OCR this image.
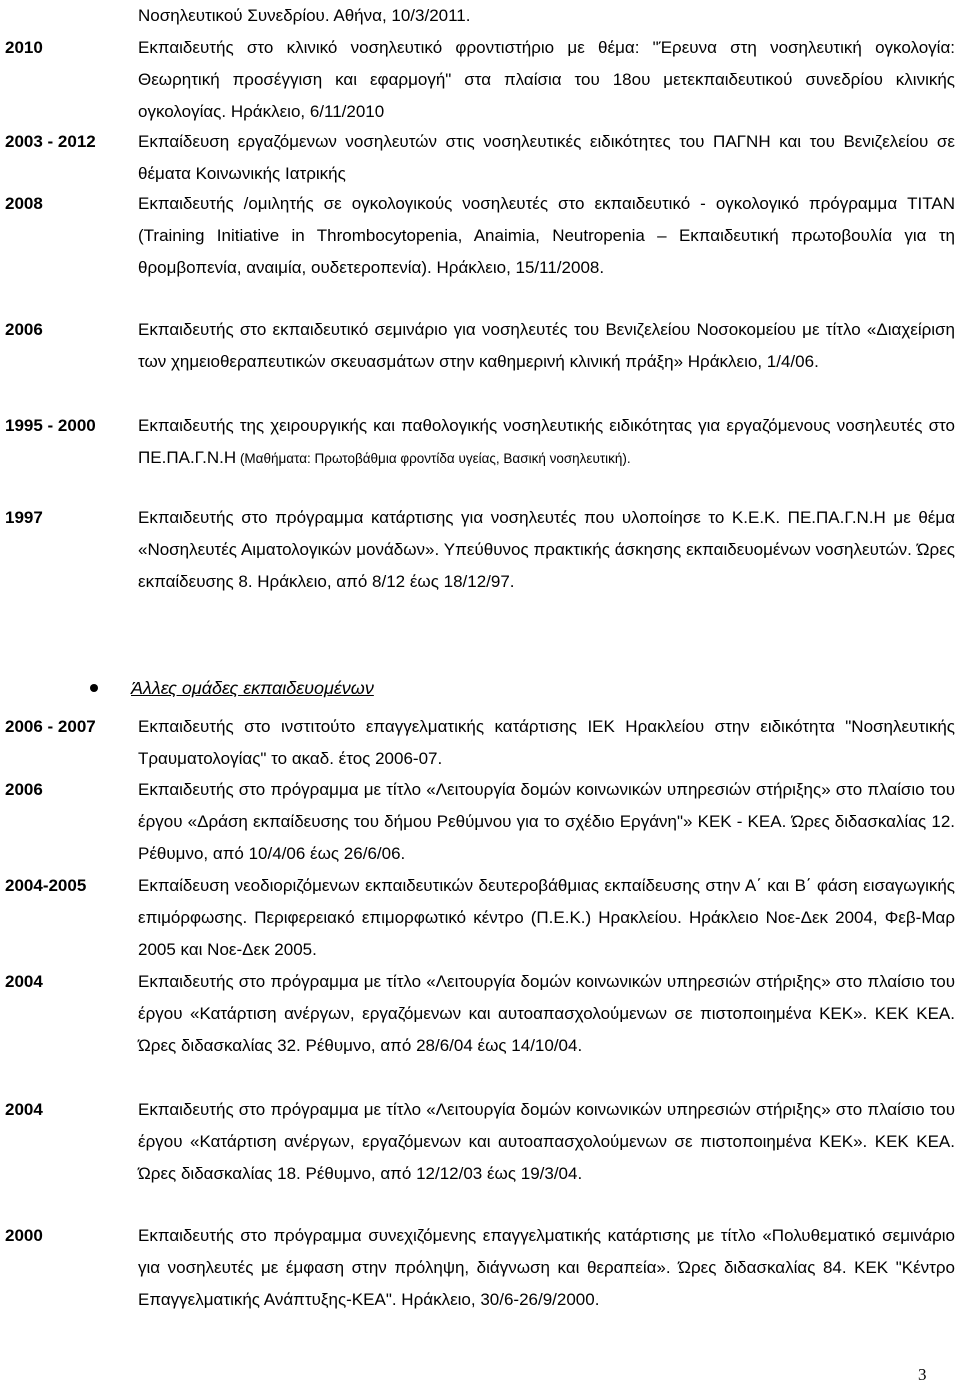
Νοσηλευτικού Συνεδρίου. Αθήνα, 10/3/2011.
2010	Εκπαιδευτής στο κλινικό νοσηλευτικό φροντιστήριο με θέμα: "Έρευνα στη νοσηλευτική ογκολογία: Θεωρητική προσέγγιση και εφαρμογή" στα πλαίσια του 18ου μετεκπαιδευτικού συνεδρίου κλινικής ογκολογίας. Ηράκλειο, 6/11/2010
2003 - 2012 Εκπαίδευση εργαζόμενων νοσηλευτών στις νοσηλευτικές ειδικότητες του ΠΑΓΝΗ και του Βενιζελείου σε θέματα Κοινωνικής Ιατρικής
2008	Εκπαιδευτής /ομιλητής σε ογκολογικούς νοσηλευτές στο εκπαιδευτικό - ογκολογικό πρόγραμμα TITAN (Training Initiative in Thrombocytopenia, Anaimia, Neutropenia – Εκπαιδευτική πρωτοβουλία για τη θρομβοπενία, αναιμία, ουδετεροπενία). Ηράκλειο, 15/11/2008.
2006	Εκπαιδευτής στο εκπαιδευτικό σεμινάριο για νοσηλευτές του Βενιζελείου Νοσοκομείου με τίτλο «Διαχείριση των χημειοθεραπευτικών σκευασμάτων στην καθημερινή κλινική πράξη» Ηράκλειο, 1/4/06.
1995 - 2000 Εκπαιδευτής της χειρουργικής και παθολογικής νοσηλευτικής ειδικότητας για εργαζόμενους νοσηλευτές στο ΠΕ.ΠΑ.Γ.Ν.Η (Μαθήματα: Πρωτοβάθμια φροντίδα υγείας, Βασική νοσηλευτική).
1997	Εκπαιδευτής στο πρόγραμμα κατάρτισης για νοσηλευτές που υλοποίησε το Κ.Ε.Κ. ΠΕ.ΠΑ.Γ.Ν.Η με θέμα «Νοσηλευτές Αιματολογικών μονάδων». Υπεύθυνος πρακτικής άσκησης εκπαιδευομένων νοσηλευτών. Ώρες εκπαίδευσης 8. Ηράκλειο, από 8/12 έως 18/12/97.
Άλλες ομάδες εκπαιδευομένων
2006 - 2007 Εκπαιδευτής στο ινστιτούτο επαγγελματικής κατάρτισης ΙΕΚ Ηρακλείου στην ειδικότητα "Νοσηλευτικής Τραυματολογίας" το ακαδ. έτος 2006-07.
2006	Εκπαιδευτής στο πρόγραμμα με τίτλο «Λειτουργία δομών κοινωνικών υπηρεσιών στήριξης» στο πλαίσιο του έργου «Δράση εκπαίδευσης του δήμου Ρεθύμνου για το σχέδιο Εργάνη"» ΚΕΚ - ΚΕΑ. Ώρες διδασκαλίας 12. Ρέθυμνο, από 10/4/06 έως 26/6/06.
2004-2005	Εκπαίδευση νεοδιοριζόμενων εκπαιδευτικών δευτεροβάθμιας εκπαίδευσης στην Α΄ και Β΄ φάση εισαγωγικής επιμόρφωσης. Περιφερειακό επιμορφωτικό κέντρο (Π.Ε.Κ.) Ηρακλείου. Ηράκλειο Νοε-Δεκ 2004, Φεβ-Μαρ 2005 και Νοε-Δεκ 2005.
2004	Εκπαιδευτής στο πρόγραμμα με τίτλο «Λειτουργία δομών κοινωνικών υπηρεσιών στήριξης» στο πλαίσιο του έργου «Κατάρτιση ανέργων, εργαζόμενων και αυτοαπασχολούμενων σε πιστοποιημένα ΚΕΚ». ΚΕΚ ΚΕΑ. Ώρες διδασκαλίας 32. Ρέθυμνο, από 28/6/04 έως 14/10/04.
2004	Εκπαιδευτής στο πρόγραμμα με τίτλο «Λειτουργία δομών κοινωνικών υπηρεσιών στήριξης» στο πλαίσιο του έργου «Κατάρτιση ανέργων, εργαζόμενων και αυτοαπασχολούμενων σε πιστοποιημένα ΚΕΚ». ΚΕΚ ΚΕΑ. Ώρες διδασκαλίας 18. Ρέθυμνο, από 12/12/03 έως 19/3/04.
2000	Εκπαιδευτής στο πρόγραμμα συνεχιζόμενης επαγγελματικής κατάρτισης με τίτλο «Πολυθεματικό σεμινάριο για νοσηλευτές με έμφαση στην πρόληψη, διάγνωση και θεραπεία». Ώρες διδασκαλίας 84. ΚΕΚ "Κέντρο Επαγγελματικής Ανάπτυξης-ΚΕΑ". Ηράκλειο, 30/6-26/9/2000.
3
